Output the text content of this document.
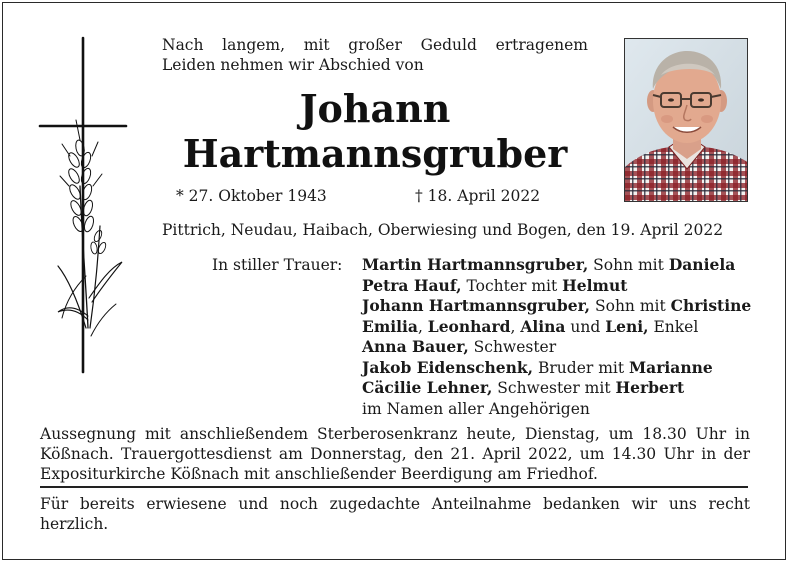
Nach langem, mit großer Geduld ertragenem
Leiden nehmen wir Abschied von
Johann
Hartmannsgruber
* 27. Oktober 1943	† 18. April 2022
Pittrich, Neudau, Haibach, Oberwiesing und Bogen, den 19. April 2022
In stiller Trauer: Martin Hartmannsgruber, Sohn mit Daniela
Petra Hauf, Tochter mit Helmut
Johann Hartmannsgruber, Sohn mit Christine
Emilia, Leonhard, Alina und Leni, Enkel
Anna Bauer, Schwester
Jakob Eidenschenk, Bruder mit Marianne
Cäcilie Lehner, Schwester mit Herbert
im Namen aller Angehörigen
Aussegnung mit anschließendem Sterberosenkranz heute, Dienstag, um 18.30 Uhr in Kößnach. Trauergottesdienst am Donnerstag, den 21. April 2022, um 14.30 Uhr in der Expositurkirche Kößnach mit anschließender Beerdigung am Friedhof.
Für bereits erwiesene und noch zugedachte Anteilnahme bedanken wir uns recht herzlich.
